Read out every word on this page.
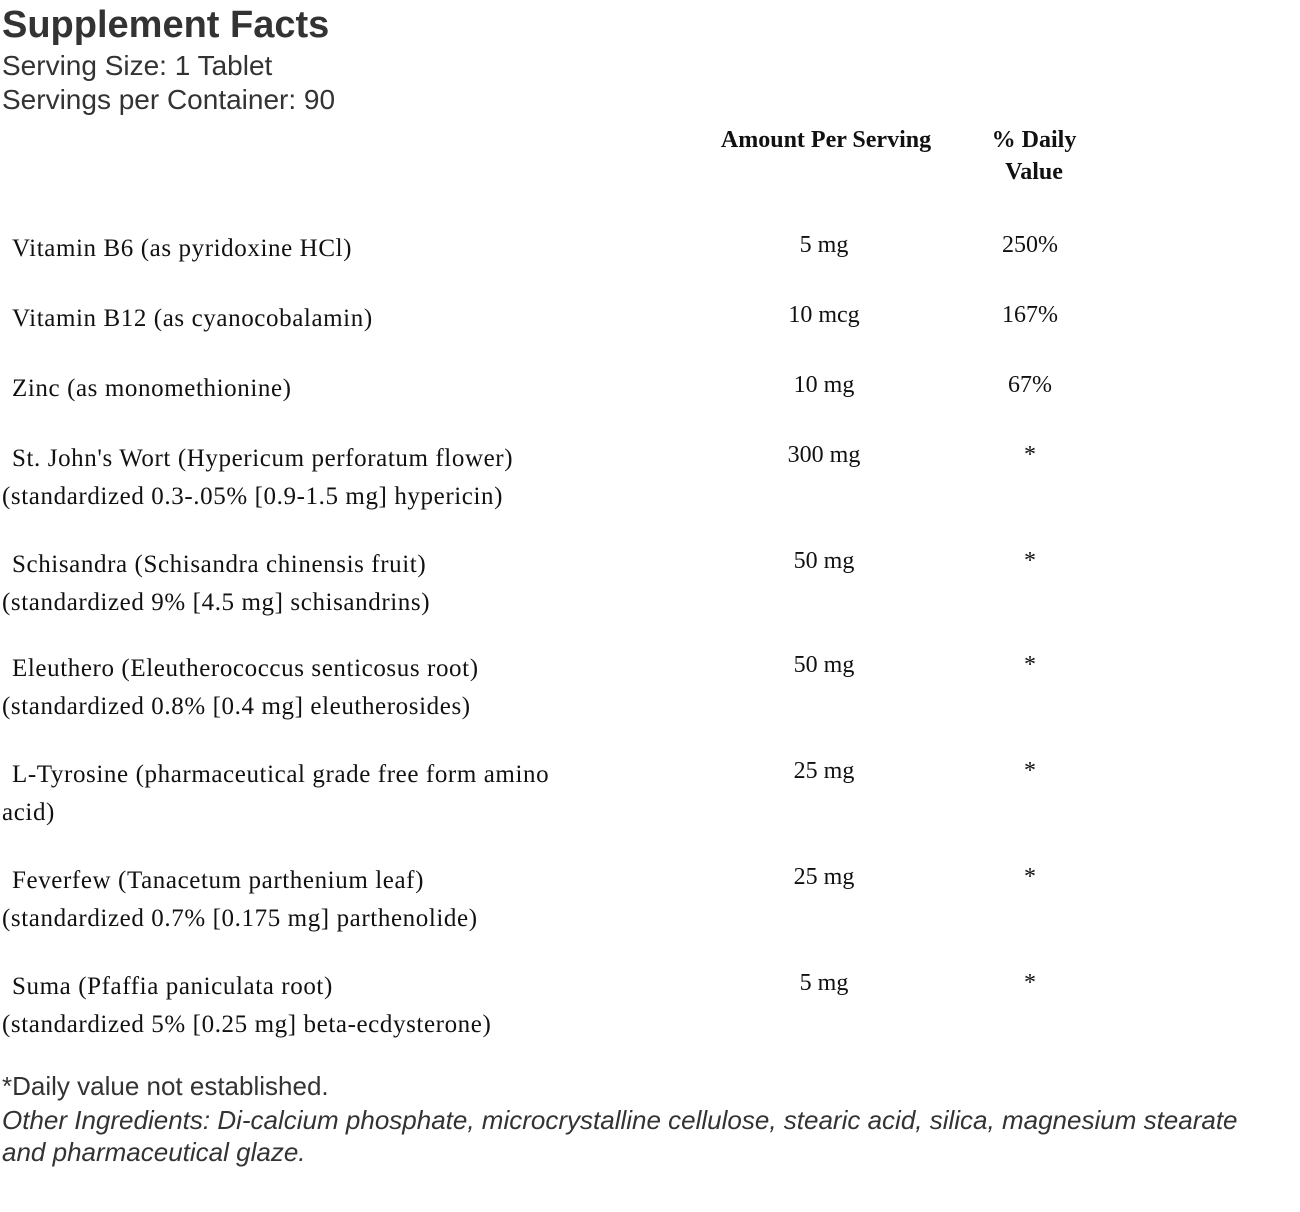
Supplement Facts
Serving Size: 1 Tablet
Servings per Container: 90
Amount Per Serving	% Daily Value
Vitamin B6 (as pyridoxine HCl)	5 mg	250%
Vitamin B12 (as cyanocobalamin)	10 mcg	167%
Zinc (as monomethionine)	10 mg	67%
St. John's Wort (Hypericum perforatum flower)
(standardized 0.3-.05% [0.9-1.5 mg] hypericin)
300 mg	*
Schisandra (Schisandra chinensis fruit)
(standardized 9% [4.5 mg] schisandrins)
50 mg	*
Eleuthero (Eleutherococcus senticosus root)
(standardized 0.8% [0.4 mg] eleutherosides)
50 mg	*
L-Tyrosine (pharmaceutical grade free form amino
acid)
25 mg	*
Feverfew (Tanacetum parthenium leaf)
(standardized 0.7% [0.175 mg] parthenolide)
25 mg	*
Suma (Pfaffia paniculata root)
(standardized 5% [0.25 mg] beta-ecdysterone)
5 mg	*
*Daily value not established.
Other Ingredients: Di-calcium phosphate, microcrystalline cellulose, stearic acid, silica, magnesium stearate and pharmaceutical glaze.
